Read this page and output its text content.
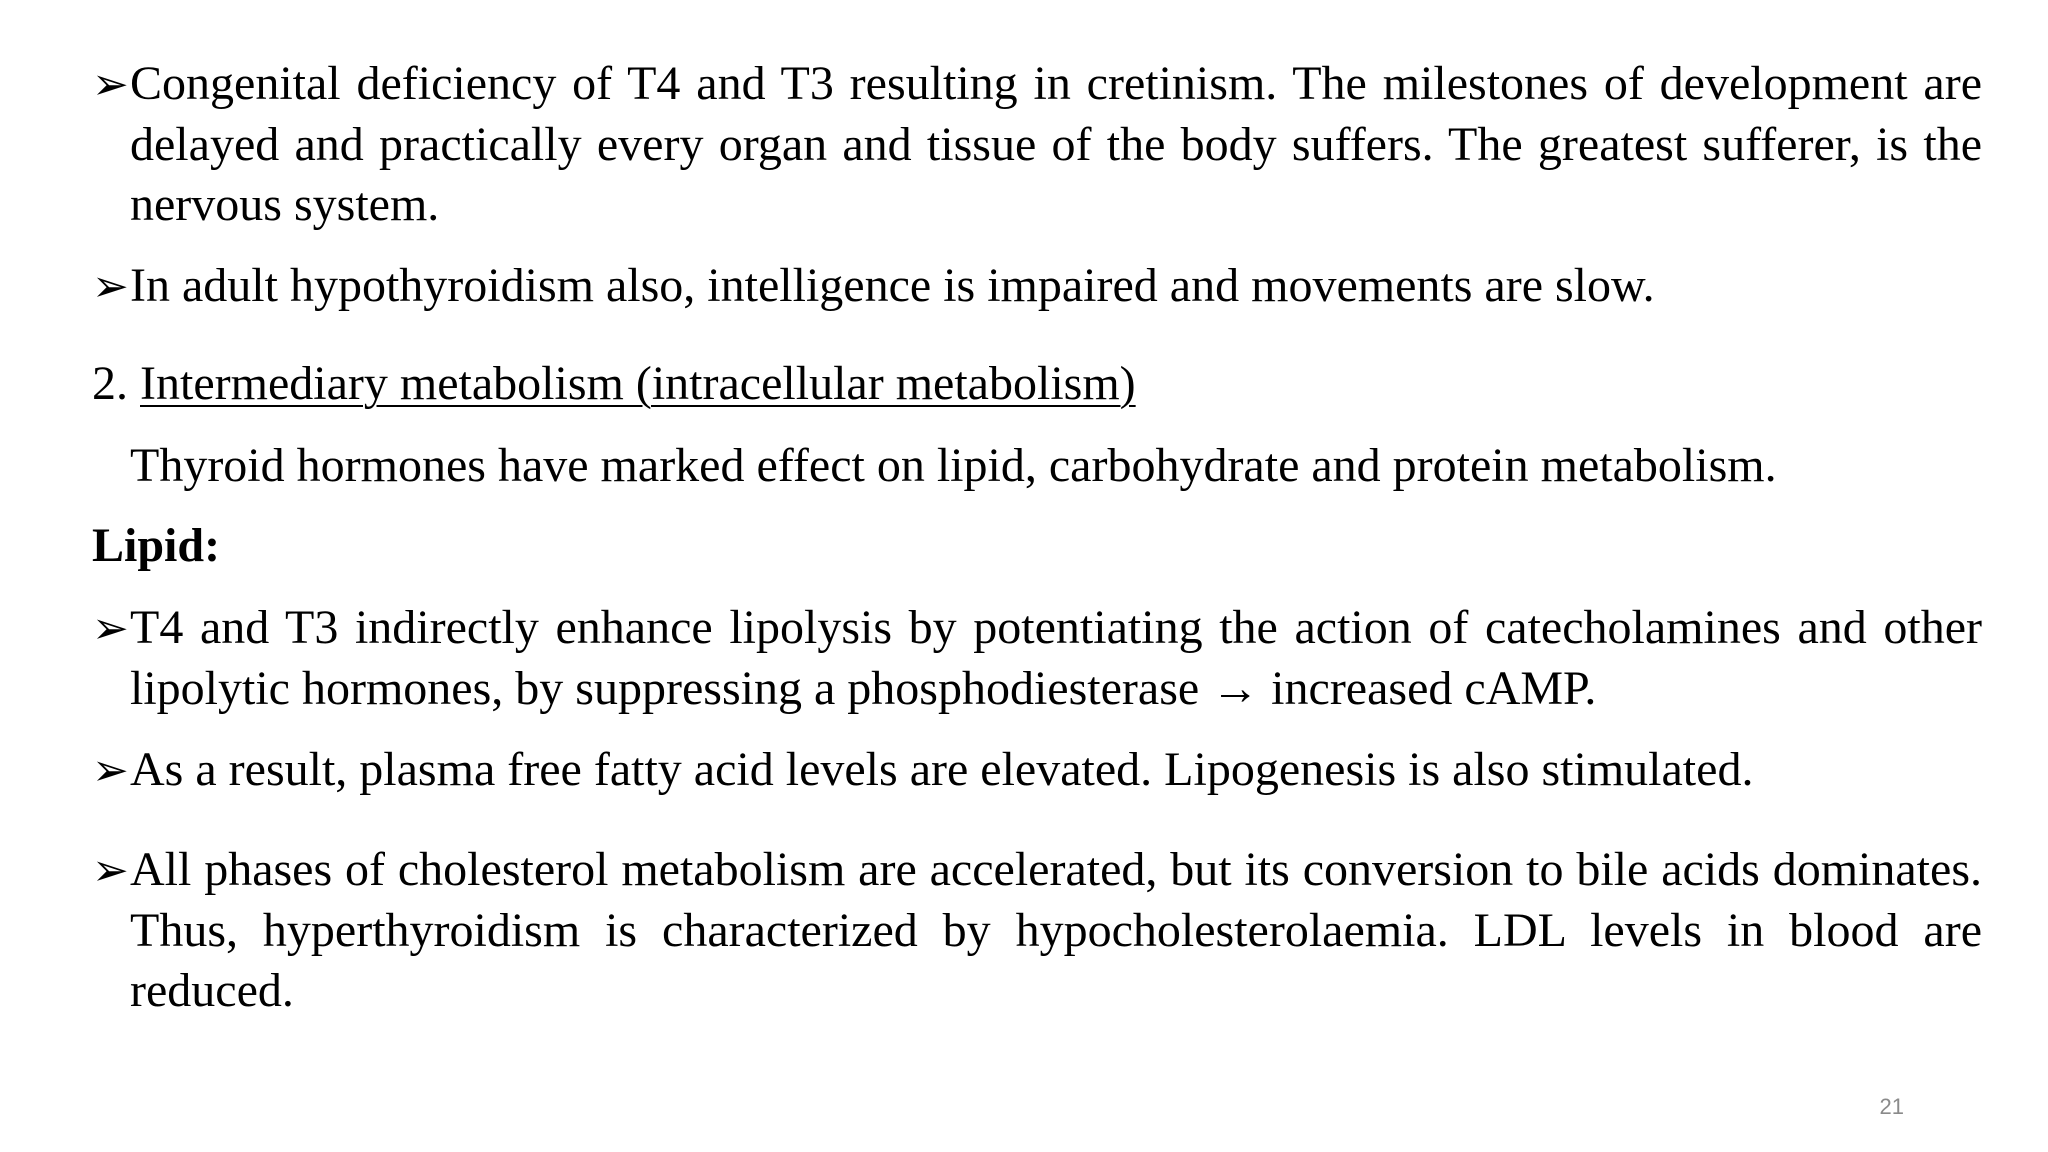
➢Congenital deficiency of T4 and T3 resulting in cretinism. The milestones of development are delayed and practically every organ and tissue of the body suffers. The greatest sufferer, is the nervous system.
➢In adult hypothyroidism also, intelligence is impaired and movements are slow.
2. Intermediary metabolism (intracellular metabolism)
Thyroid hormones have marked effect on lipid, carbohydrate and protein metabolism.
Lipid:
➢T4 and T3 indirectly enhance lipolysis by potentiating the action of catecholamines and other lipolytic hormones, by suppressing a phosphodiesterase → increased cAMP.
➢As a result, plasma free fatty acid levels are elevated. Lipogenesis is also stimulated.
➢All phases of cholesterol metabolism are accelerated, but its conversion to bile acids dominates. Thus, hyperthyroidism is characterized by hypocholesterolaemia. LDL levels in blood are reduced.
21
